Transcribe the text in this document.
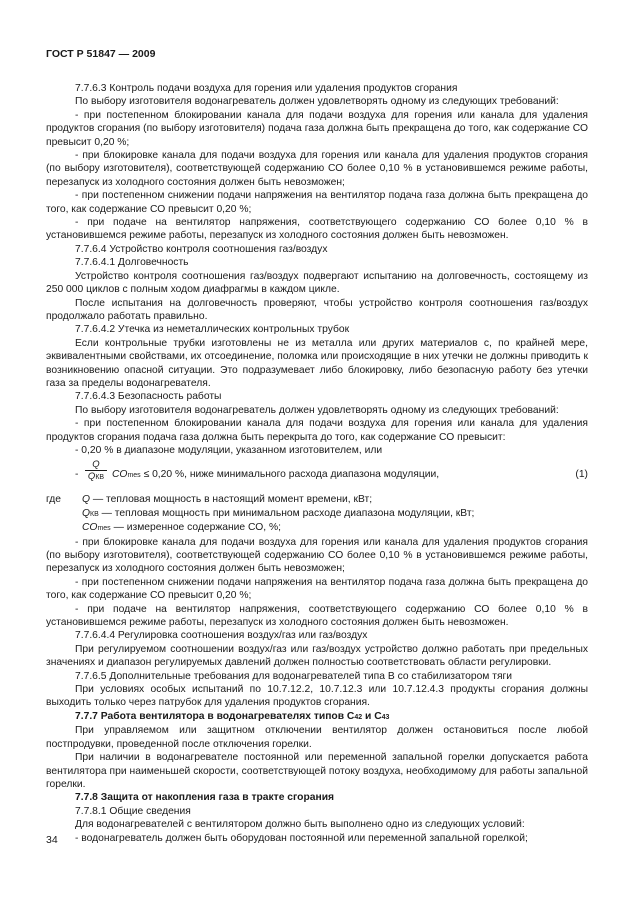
ГОСТ Р 51847 — 2009

7.7.6.3 Контроль подачи воздуха для горения или удаления продуктов сгорания

По выбору изготовителя водонагреватель должен удовлетворять одному из следующих требований:

- при постепенном блокировании канала для подачи воздуха для горения или канала для удаления продуктов сгорания (по выбору изготовителя) подача газа должна быть прекращена до того, как содержание СО превысит 0,20 %;

- при блокировке канала для подачи воздуха для горения или канала для удаления продуктов сгорания (по выбору изготовителя), соответствующей содержанию СО более 0,10 % в установившемся режиме работы, перезапуск из холодного состояния должен быть невозможен;

- при постепенном снижении подачи напряжения на вентилятор подача газа должна быть прекращена до того, как содержание СО превысит 0,20 %;

- при подаче на вентилятор напряжения, соответствующего содержанию СО более 0,10 % в установившемся режиме работы, перезапуск из холодного состояния должен быть невозможен.

7.7.6.4 Устройство контроля соотношения газ/воздух

7.7.6.4.1 Долговечность

Устройство контроля соотношения газ/воздух подвергают испытанию на долговечность, состоящему из 250 000 циклов с полным ходом диафрагмы в каждом цикле.

После испытания на долговечность проверяют, чтобы устройство контроля соотношения газ/воздух продолжало работать правильно.

7.7.6.4.2 Утечка из неметаллических контрольных трубок

Если контрольные трубки изготовлены не из металла или других материалов с, по крайней мере, эквивалентными свойствами, их отсоединение, поломка или происходящие в них утечки не должны приводить к возникновению опасной ситуации. Это подразумевает либо блокировку, либо безопасную работу без утечки газа за пределы водонагревателя.

7.7.6.4.3 Безопасность работы

По выбору изготовителя водонагреватель должен удовлетворять одному из следующих требований:

- при постепенном блокировании канала для подачи воздуха для горения или канала для удаления продуктов сгорания подача газа должна быть перекрыта до того, как содержание СО превысит:

- 0,20 % в диапазоне модуляции, указанном изготовителем, или

-
Q
QКВ COmes ≤ 0,20 %, ниже минимального расхода диапазона модуляции,	(1)
где Q — тепловая мощность в настоящий момент времени, кВт;

QКВ — тепловая мощность при минимальном расходе диапазона модуляции, кВт;

COmes — измеренное содержание СО, %;

- при блокировке канала для подачи воздуха для горения или канала для удаления продуктов сгорания (по выбору изготовителя), соответствующей содержанию СО более 0,10 % в установившемся режиме работы, перезапуск из холодного состояния должен быть невозможен;

- при постепенном снижении подачи напряжения на вентилятор подача газа должна быть прекращена до того, как содержание СО превысит 0,20 %;

- при подаче на вентилятор напряжения, соответствующего содержанию СО более 0,10 % в установившемся режиме работы, перезапуск из холодного состояния должен быть невозможен.

7.7.6.4.4 Регулировка соотношения воздух/газ или газ/воздух

При регулируемом соотношении воздух/газ или газ/воздух устройство должно работать при предельных значениях и диапазон регулируемых давлений должен полностью соответствовать области регулировки.

7.7.6.5 Дополнительные требования для водонагревателей типа В со стабилизатором тяги

При условиях особых испытаний по 10.7.12.2, 10.7.12.3 или 10.7.12.4.3 продукты сгорания должны выходить только через патрубок для удаления продуктов сгорания.

7.7.7 Работа вентилятора в водонагревателях типов С42 и С43

При управляемом или защитном отключении вентилятор должен остановиться после любой постпродувки, проведенной после отключения горелки.

При наличии в водонагревателе постоянной или переменной запальной горелки допускается работа вентилятора при наименьшей скорости, соответствующей потоку воздуха, необходимому для работы запальной горелки.

7.7.8 Защита от накопления газа в тракте сгорания

7.7.8.1 Общие сведения

Для водонагревателей с вентилятором должно быть выполнено одно из следующих условий:

- водонагреватель должен быть оборудован постоянной или переменной запальной горелкой;

34
